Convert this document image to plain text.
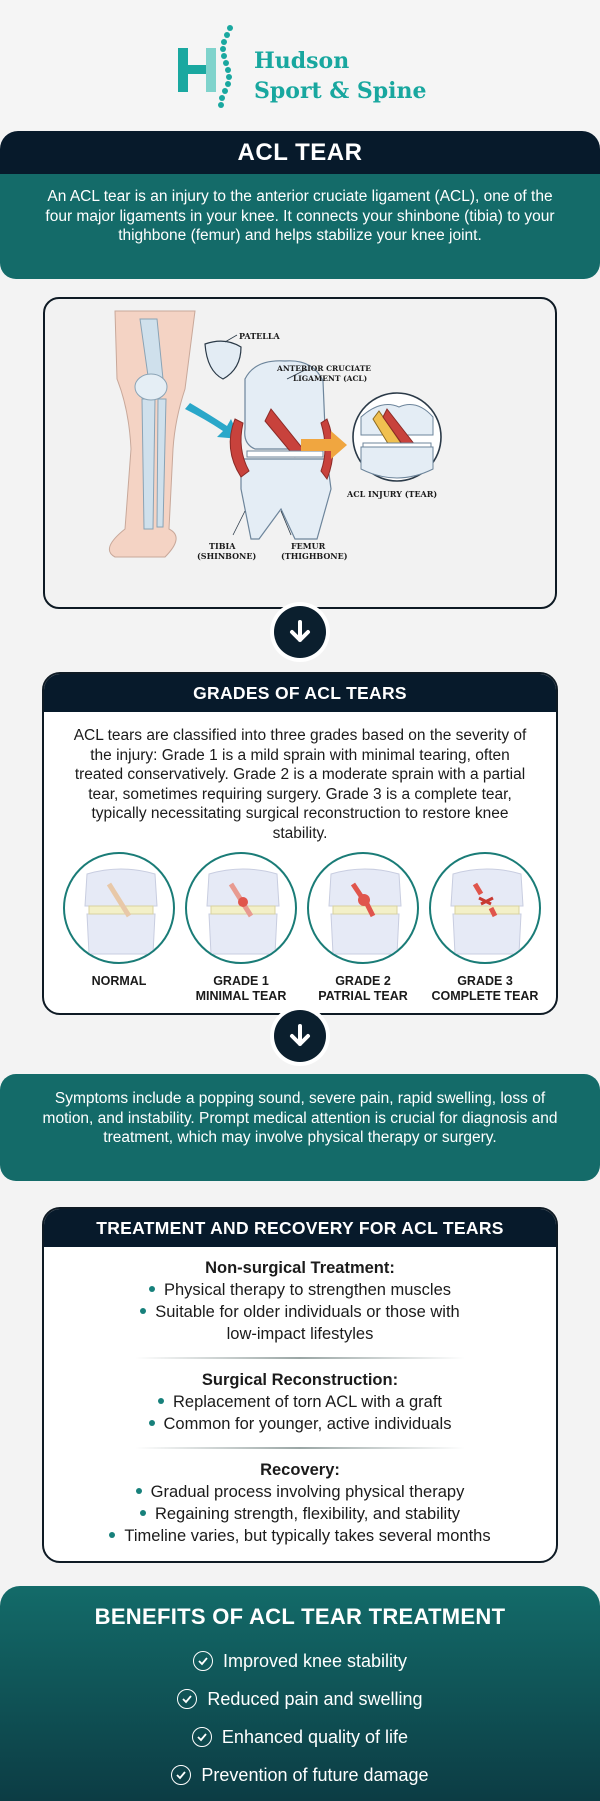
Hudson
Sport & Spine
ACL TEAR

An ACL tear is an injury to the anterior cruciate ligament (ACL), one of the four major ligaments in your knee. It connects your shinbone (tibia) to your thighbone (femur) and helps stabilize your knee joint.

PATELLA
ANTERIOR CRUCIATE
LIGAMENT (ACL)
ACL INJURY (TEAR)
TIBIA
(SHINBONE)
FEMUR
(THIGHBONE)
GRADES OF ACL TEARS

ACL tears are classified into three grades based on the severity of the injury: Grade 1 is a mild sprain with minimal tearing, often treated conservatively. Grade 2 is a moderate sprain with a partial tear, sometimes requiring surgery. Grade 3 is a complete tear, typically necessitating surgical reconstruction to restore knee stability.

NORMAL	GRADE 1
MINIMAL TEAR
GRADE 2
PATRIAL TEAR
GRADE 3
COMPLETE TEAR

Symptoms include a popping sound, severe pain, rapid swelling, loss of motion, and instability. Prompt medical attention is crucial for diagnosis and treatment, which may involve physical therapy or surgery.

TREATMENT AND RECOVERY FOR ACL TEARS
Non-surgical Treatment:
Physical therapy to strengthen muscles
Suitable for older individuals or those with
low-impact lifestyles
Surgical Reconstruction:
Replacement of torn ACL with a graft
Common for younger, active individuals
Recovery:
Gradual process involving physical therapy
Regaining strength, flexibility, and stability
Timeline varies, but typically takes several months
BENEFITS OF ACL TEAR TREATMENT
Improved knee stability
Reduced pain and swelling
Enhanced quality of life
Prevention of future damage
